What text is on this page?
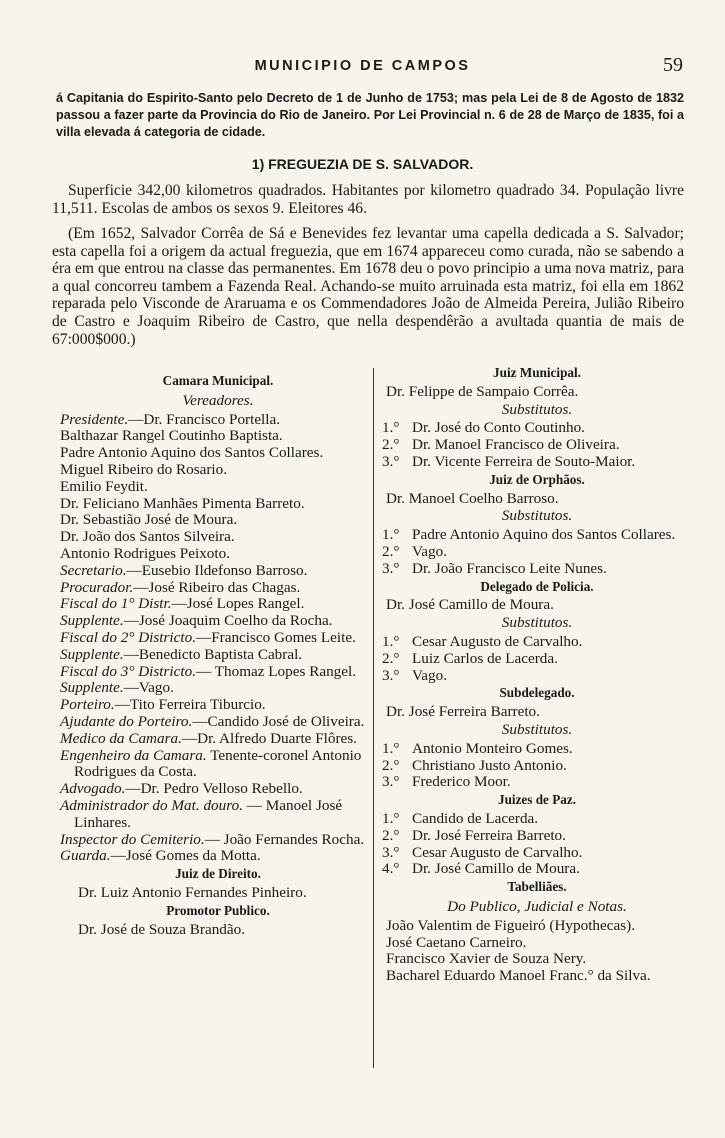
MUNICIPIO DE CAMPOS	59
á Capitania do Espirito-Santo pelo Decreto de 1 de Junho de 1753; mas pela Lei de 8 de Agosto de 1832 passou a fazer parte da Provincia do Rio de Janeiro. Por Lei Provincial n. 6 de 28 de Março de 1835, foi a villa elevada á categoria de cidade.
1) FREGUEZIA DE S. SALVADOR.

Superficie 342,00 kilometros quadrados. Habitantes por kilometro quadrado 34. População livre 11,511. Escolas de ambos os sexos 9. Eleitores 46.

(Em 1652, Salvador Corrêa de Sá e Benevides fez levantar uma capella dedicada a S. Salvador; esta capella foi a origem da actual freguezia, que em 1674 appareceu como curada, não se sabendo a éra em que entrou na classe das permanentes. Em 1678 deu o povo principio a uma nova matriz, para a qual concorreu tambem a Fazenda Real. Achando-se muito arruinada esta matriz, foi ella em 1862 reparada pelo Visconde de Araruama e os Commendadores João de Almeida Pereira, Julião Ribeiro de Castro e Joaquim Ribeiro de Castro, que nella despendêrão a avultada quantia de mais de 67:000$000.)

Camara Municipal.
Vereadores.
Presidente.—Dr. Francisco Portella.
Balthazar Rangel Coutinho Baptista.
Padre Antonio Aquino dos Santos Collares.
Miguel Ribeiro do Rosario.
Emilio Feydit.
Dr. Feliciano Manhães Pimenta Barreto.
Dr. Sebastião José de Moura.
Dr. João dos Santos Silveira.
Antonio Rodrigues Peixoto.
Secretario.—Eusebio Ildefonso Barroso.
Procurador.—José Ribeiro das Chagas.
Fiscal do 1° Distr.—José Lopes Rangel.
Supplente.—José Joaquim Coelho da Rocha.
Fiscal do 2° Districto.—Francisco Gomes Leite.
Supplente.—Benedicto Baptista Cabral.
Fiscal do 3° Districto.— Thomaz Lopes Rangel.
Supplente.—Vago.
Porteiro.—Tito Ferreira Tiburcio.
Ajudante do Porteiro.—Candido José de Oliveira.
Medico da Camara.—Dr. Alfredo Duarte Flôres.
Engenheiro da Camara. Tenente-coronel Antonio Rodrigues da Costa.
Advogado.—Dr. Pedro Velloso Rebello.
Administrador do Mat. douro. — Manoel José Linhares.
Inspector do Cemiterio.— João Fernandes Rocha.
Guarda.—José Gomes da Motta.
Juiz de Direito.
Dr. Luiz Antonio Fernandes Pinheiro.
Promotor Publico.
Dr. José de Souza Brandão.
Juiz Municipal.
Dr. Felippe de Sampaio Corrêa.
Substitutos.
1.° Dr. José do Conto Coutinho.
2.° Dr. Manoel Francisco de Oliveira.
3.° Dr. Vicente Ferreira de Souto-Maior.
Juiz de Orphãos.
Dr. Manoel Coelho Barroso.
Substitutos.
1.° Padre Antonio Aquino dos Santos Collares.
2.° Vago.
3.° Dr. João Francisco Leite Nunes.
Delegado de Policia.
Dr. José Camillo de Moura.
Substitutos.
1.° Cesar Augusto de Carvalho.
2.° Luiz Carlos de Lacerda.
3.° Vago.
Subdelegado.
Dr. José Ferreira Barreto.
Substitutos.
1.° Antonio Monteiro Gomes.
2.° Christiano Justo Antonio.
3.° Frederico Moor.
Juizes de Paz.
1.° Candido de Lacerda.
2.° Dr. José Ferreira Barreto.
3.° Cesar Augusto de Carvalho.
4.° Dr. José Camillo de Moura.
Tabelliães.
Do Publico, Judicial e Notas.
João Valentim de Figueiró (Hypothecas).
José Caetano Carneiro.
Francisco Xavier de Souza Nery.
Bacharel Eduardo Manoel Franc.° da Silva.
